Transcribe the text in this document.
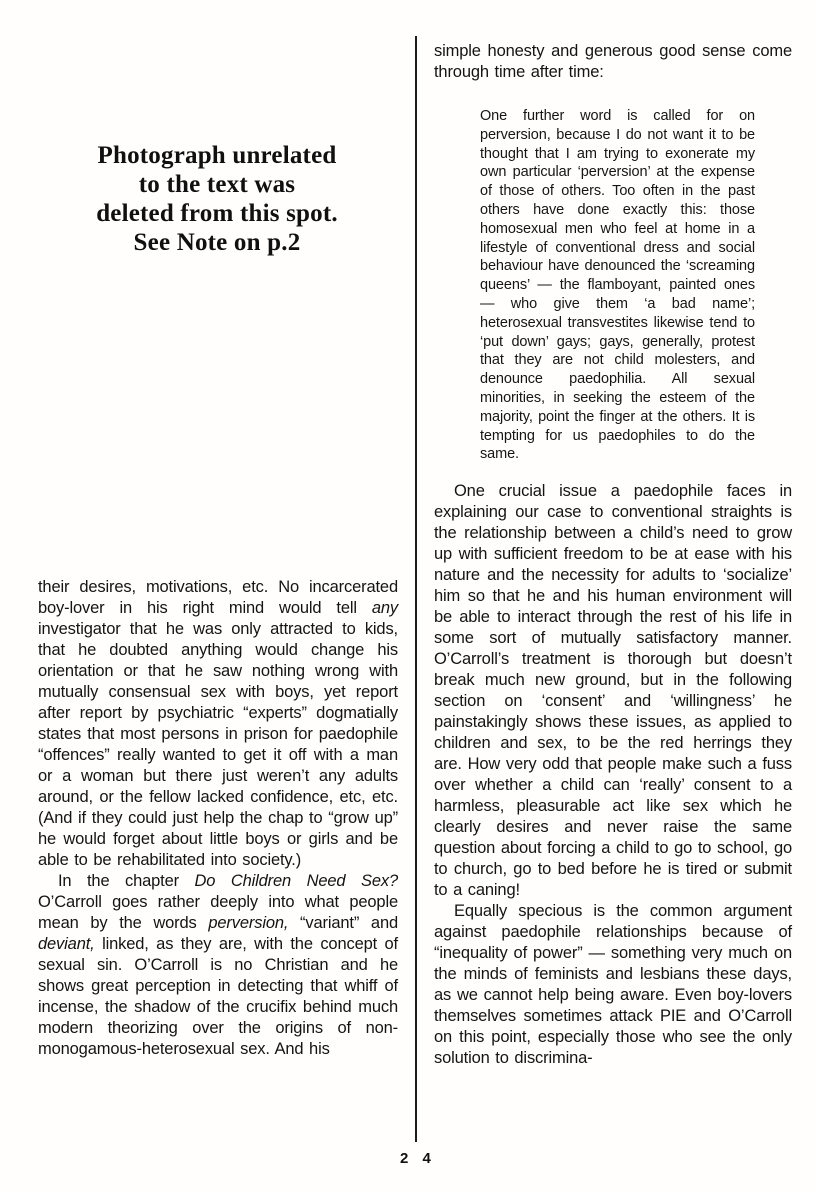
Photograph unrelated
to the text was
deleted from this spot.
See Note on p.2

their desires, motivations, etc. No incarcerated boy-lover in his right mind would tell any investigator that he was only attracted to kids, that he doubted anything would change his orientation or that he saw nothing wrong with mutually consensual sex with boys, yet report after report by psychiatric “experts” dogmatially states that most persons in prison for paedophile “offences” really wanted to get it off with a man or a woman but there just weren’t any adults around, or the fellow lacked confidence, etc, etc. (And if they could just help the chap to “grow up” he would forget about little boys or girls and be able to be rehabilitated into society.)

In the chapter Do Children Need Sex? O’Carroll goes rather deeply into what people mean by the words perversion, “variant” and deviant, linked, as they are, with the concept of sexual sin. O’Carroll is no Christian and he shows great perception in detecting that whiff of incense, the shadow of the crucifix behind much modern theorizing over the origins of non-monogamous-heterosexual sex. And his

simple honesty and generous good sense come through time after time:

One further word is called for on perversion, because I do not want it to be thought that I am trying to exonerate my own particular ‘perversion’ at the expense of those of others. Too often in the past others have done exactly this: those homosexual men who feel at home in a lifestyle of conventional dress and social behaviour have denounced the ‘screaming queens’ — the flamboyant, painted ones — who give them ‘a bad name’; heterosexual transvestites likewise tend to ‘put down’ gays; gays, generally, protest that they are not child molesters, and denounce paedophilia. All sexual minorities, in seeking the esteem of the majority, point the finger at the others. It is tempting for us paedophiles to do the same.

One crucial issue a paedophile faces in explaining our case to conventional straights is the relationship between a child’s need to grow up with sufficient freedom to be at ease with his nature and the necessity for adults to ‘socialize’ him so that he and his human environment will be able to interact through the rest of his life in some sort of mutually satisfactory manner. O’Carroll’s treatment is thorough but doesn’t break much new ground, but in the following section on ‘consent’ and ‘willingness’ he painstakingly shows these issues, as applied to children and sex, to be the red herrings they are. How very odd that people make such a fuss over whether a child can ‘really’ consent to a harmless, pleasurable act like sex which he clearly desires and never raise the same question about forcing a child to go to school, go to church, go to bed before he is tired or submit to a caning!

Equally specious is the common argument against paedophile relationships because of “inequality of power” — something very much on the minds of feminists and lesbians these days, as we cannot help being aware. Even boy-lovers themselves sometimes attack PIE and O’Carroll on this point, especially those who see the only solution to discrimina-

2 4
